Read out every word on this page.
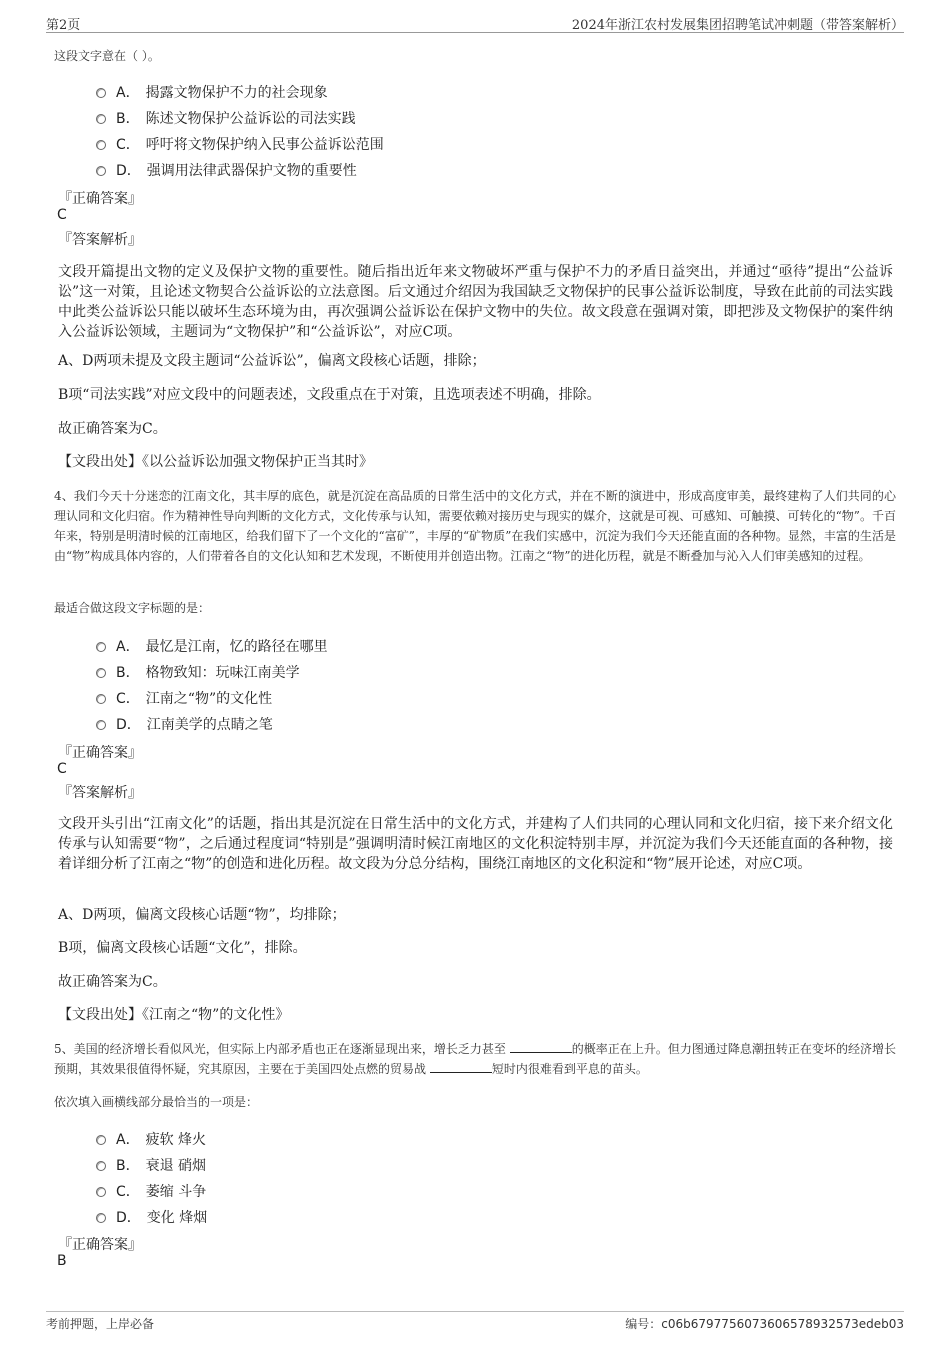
第2页	2024年浙江农村发展集团招聘笔试冲刺题（带答案解析）
这段文字意在（ ）。
A． 揭露文物保护不力的社会现象
B． 陈述文物保护公益诉讼的司法实践
C． 呼吁将文物保护纳入民事公益诉讼范围
D． 强调用法律武器保护文物的重要性
『正确答案』
C
『答案解析』
文段开篇提出文物的定义及保护文物的重要性。随后指出近年来文物破坏严重与保护不力的矛盾日益突出，并通过“亟待”提出“公益诉讼”这一对策，且论述文物契合公益诉讼的立法意图。后文通过介绍因为我国缺乏文物保护的民事公益诉讼制度，导致在此前的司法实践中此类公益诉讼只能以破坏生态环境为由，再次强调公益诉讼在保护文物中的失位。故文段意在强调对策，即把涉及文物保护的案件纳入公益诉讼领域，主题词为“文物保护”和“公益诉讼”，对应C项。
A、D两项未提及文段主题词“公益诉讼”，偏离文段核心话题，排除；
B项“司法实践”对应文段中的问题表述，文段重点在于对策，且选项表述不明确，排除。
故正确答案为C。
【文段出处】《以公益诉讼加强文物保护正当其时》
4、我们今天十分迷恋的江南文化，其丰厚的底色，就是沉淀在高品质的日常生活中的文化方式，并在不断的演进中，形成高度审美，最终建构了人们共同的心理认同和文化归宿。作为精神性导向判断的文化方式，文化传承与认知，需要依赖对接历史与现实的媒介，这就是可视、可感知、可触摸、可转化的“物”。千百年来，特别是明清时候的江南地区，给我们留下了一个文化的“富矿”，丰厚的“矿物质”在我们实感中，沉淀为我们今天还能直面的各种物。显然，丰富的生活是由“物”构成具体内容的，人们带着各自的文化认知和艺术发现，不断使用并创造出物。江南之“物”的进化历程，就是不断叠加与沁入人们审美感知的过程。
最适合做这段文字标题的是：
A． 最忆是江南，忆的路径在哪里
B． 格物致知：玩味江南美学
C． 江南之“物”的文化性
D． 江南美学的点睛之笔
『正确答案』
C
『答案解析』
文段开头引出“江南文化”的话题，指出其是沉淀在日常生活中的文化方式，并建构了人们共同的心理认同和文化归宿，接下来介绍文化传承与认知需要“物”，之后通过程度词“特别是”强调明清时候江南地区的文化积淀特别丰厚，并沉淀为我们今天还能直面的各种物，接着详细分析了江南之“物”的创造和进化历程。故文段为分总分结构，围绕江南地区的文化积淀和“物”展开论述，对应C项。
A、D两项，偏离文段核心话题“物”，均排除；
B项，偏离文段核心话题“文化”，排除。
故正确答案为C。
【文段出处】《江南之“物”的文化性》
5、美国的经济增长看似风光，但实际上内部矛盾也正在逐渐显现出来，增长乏力甚至	的概率正在上升。但力图通过降息潮扭转正在变坏的经济增长预期，其效果很值得怀疑，究其原因，主要在于美国四处点燃的贸易战	短时内很难看到平息的苗头。
依次填入画横线部分最恰当的一项是：
A． 疲软 烽火
B． 衰退 硝烟
C． 萎缩 斗争
D． 变化 烽烟
『正确答案』
B
考前押题，上岸必备	编号：c06b679775607360657893257​3edeb03
